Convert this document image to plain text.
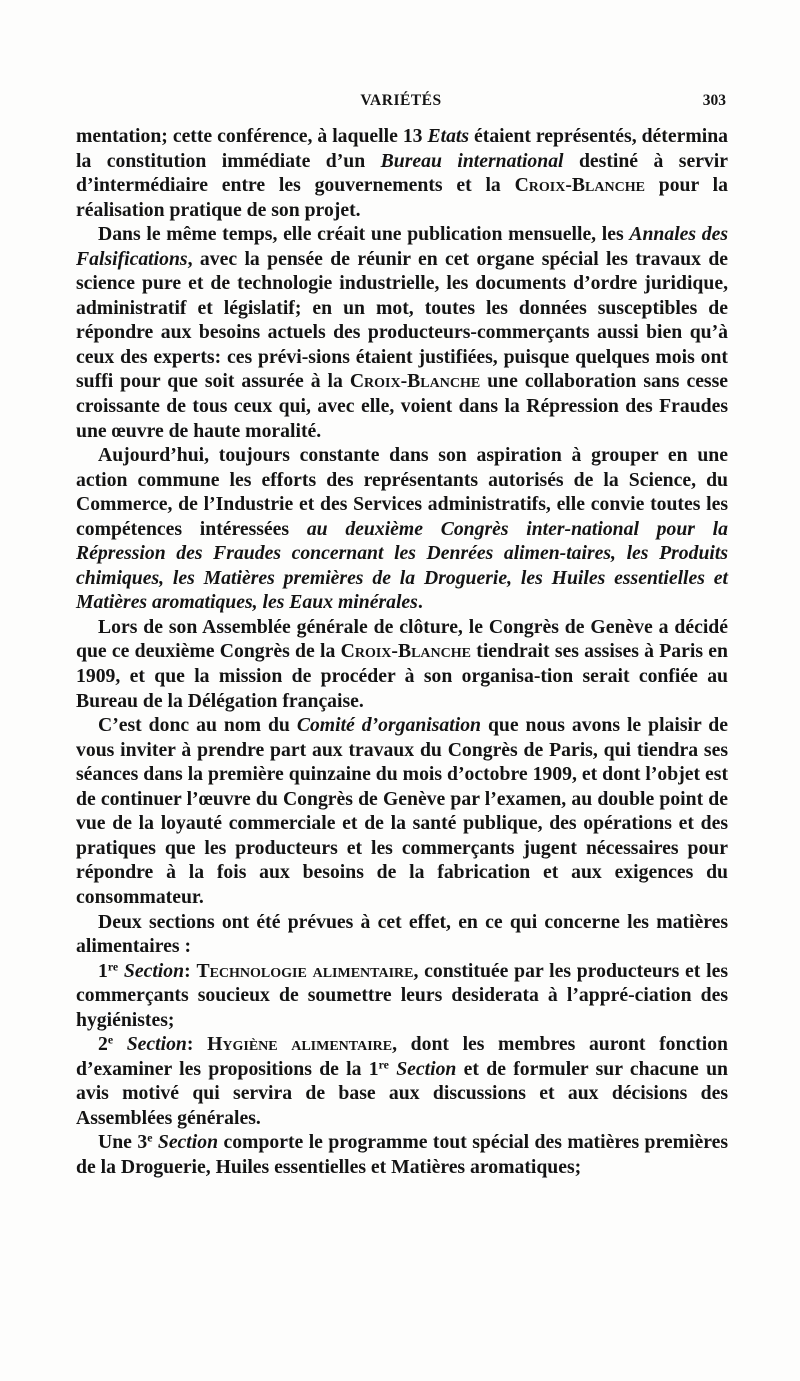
VARIÉTÉS	303

mentation; cette conférence, à laquelle 13 Etats étaient représentés, détermina la constitution immédiate d’un Bureau international destiné à servir d’intermédiaire entre les gouvernements et la Croix-Blanche pour la réalisation pratique de son projet.

Dans le même temps, elle créait une publication mensuelle, les Annales des Falsifications, avec la pensée de réunir en cet organe spécial les travaux de science pure et de technologie industrielle, les documents d’ordre juridique, administratif et législatif; en un mot, toutes les données susceptibles de répondre aux besoins actuels des producteurs-commerçants aussi bien qu’à ceux des experts: ces prévi-sions étaient justifiées, puisque quelques mois ont suffi pour que soit assurée à la Croix-Blanche une collaboration sans cesse croissante de tous ceux qui, avec elle, voient dans la Répression des Fraudes une œuvre de haute moralité.

Aujourd’hui, toujours constante dans son aspiration à grouper en une action commune les efforts des représentants autorisés de la Science, du Commerce, de l’Industrie et des Services administratifs, elle convie toutes les compétences intéressées au deuxième Congrès inter-national pour la Répression des Fraudes concernant les Denrées alimen-taires, les Produits chimiques, les Matières premières de la Droguerie, les Huiles essentielles et Matières aromatiques, les Eaux minérales.

Lors de son Assemblée générale de clôture, le Congrès de Genève a décidé que ce deuxième Congrès de la Croix-Blanche tiendrait ses assises à Paris en 1909, et que la mission de procéder à son organisa-tion serait confiée au Bureau de la Délégation française.

C’est donc au nom du Comité d’organisation que nous avons le plaisir de vous inviter à prendre part aux travaux du Congrès de Paris, qui tiendra ses séances dans la première quinzaine du mois d’octobre 1909, et dont l’objet est de continuer l’œuvre du Congrès de Genève par l’examen, au double point de vue de la loyauté commerciale et de la santé publique, des opérations et des pratiques que les producteurs et les commerçants jugent nécessaires pour répondre à la fois aux besoins de la fabrication et aux exigences du consommateur.

Deux sections ont été prévues à cet effet, en ce qui concerne les matières alimentaires :

1re Section: Technologie alimentaire, constituée par les producteurs et les commerçants soucieux de soumettre leurs desiderata à l’appré-ciation des hygiénistes;

2e Section: Hygiène alimentaire, dont les membres auront fonction d’examiner les propositions de la 1re Section et de formuler sur chacune un avis motivé qui servira de base aux discussions et aux décisions des Assemblées générales.

Une 3e Section comporte le programme tout spécial des matières premières de la Droguerie, Huiles essentielles et Matières aromatiques;
